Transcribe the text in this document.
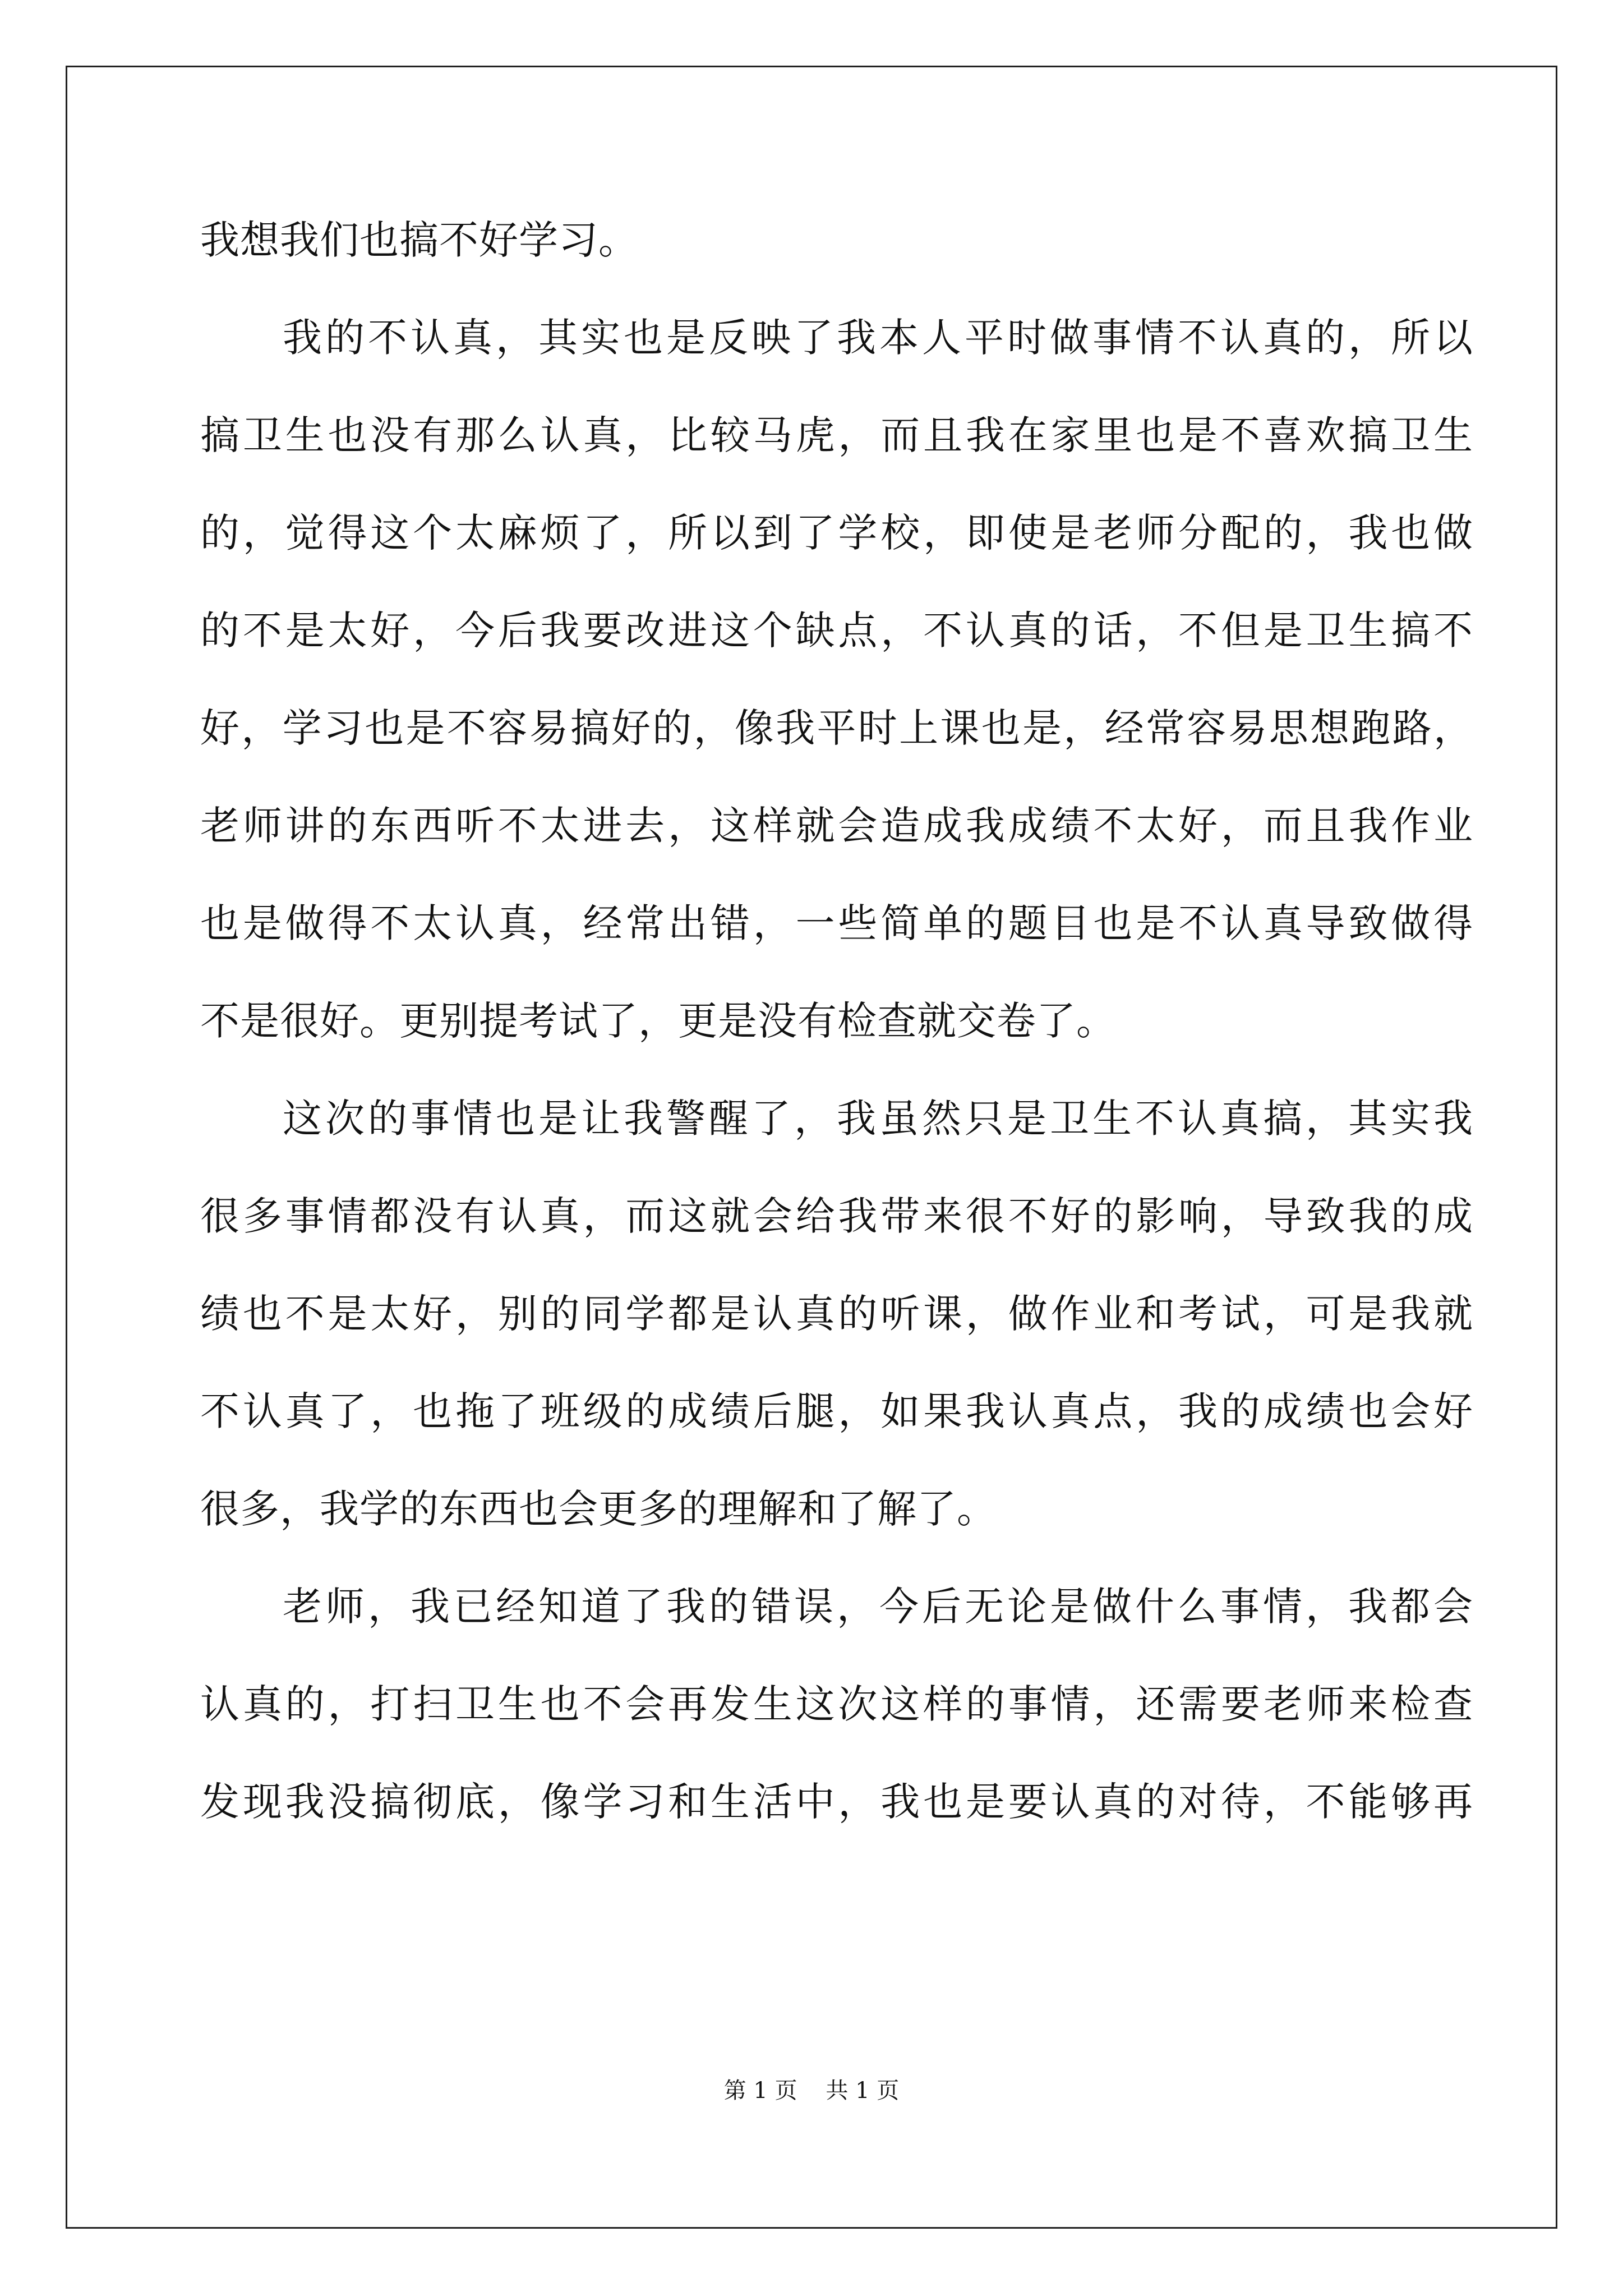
我想我们也搞不好学习。
我的不认真，其实也是反映了我本人平时做事情不认真的，所以
搞卫生也没有那么认真，比较马虎，而且我在家里也是不喜欢搞卫生
的，觉得这个太麻烦了，所以到了学校，即使是老师分配的，我也做
的不是太好，今后我要改进这个缺点，不认真的话，不但是卫生搞不
好，学习也是不容易搞好的，像我平时上课也是，经常容易思想跑路，
老师讲的东西听不太进去，这样就会造成我成绩不太好，而且我作业
也是做得不太认真，经常出错，一些简单的题目也是不认真导致做得
不是很好。更别提考试了，更是没有检查就交卷了。
这次的事情也是让我警醒了，我虽然只是卫生不认真搞，其实我
很多事情都没有认真，而这就会给我带来很不好的影响，导致我的成
绩也不是太好，别的同学都是认真的听课，做作业和考试，可是我就
不认真了，也拖了班级的成绩后腿，如果我认真点，我的成绩也会好
很多，我学的东西也会更多的理解和了解了。
老师，我已经知道了我的错误，今后无论是做什么事情，我都会
认真的，打扫卫生也不会再发生这次这样的事情，还需要老师来检查
发现我没搞彻底，像学习和生活中，我也是要认真的对待，不能够再
第 1 页    共 1 页
